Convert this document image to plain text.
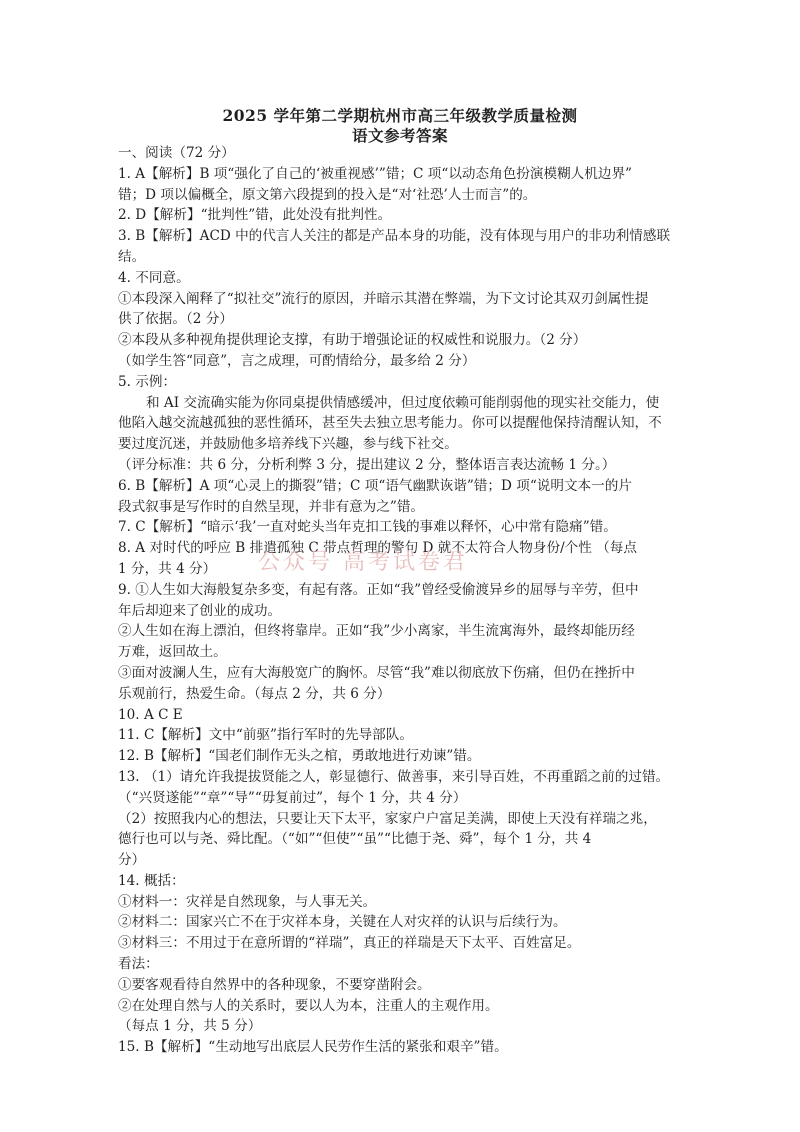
2025 学年第二学期杭州市高三年级教学质量检测
语文参考答案
一、阅读（72 分）
1. A【解析】B 项“强化了自己的‘被重视感’”错；C 项“以动态角色扮演模糊人机边界”
错；D 项以偏概全，原文第六段提到的投入是“对‘社恐’人士而言”的。
2. D【解析】“批判性”错，此处没有批判性。
3. B【解析】ACD 中的代言人关注的都是产品本身的功能，没有体现与用户的非功利情感联
结。
4. 不同意。
①本段深入阐释了“拟社交”流行的原因，并暗示其潜在弊端，为下文讨论其双刃剑属性提
供了依据。（2 分）
②本段从多种视角提供理论支撑，有助于增强论证的权威性和说服力。（2 分）
（如学生答“同意”，言之成理，可酌情给分，最多给 2 分）
5. 示例：
和 AI 交流确实能为你同桌提供情感缓冲，但过度依赖可能削弱他的现实社交能力，使
他陷入越交流越孤独的恶性循环，甚至失去独立思考能力。你可以提醒他保持清醒认知，不
要过度沉迷，并鼓励他多培养线下兴趣，参与线下社交。
（评分标准：共 6 分，分析利弊 3 分，提出建议 2 分，整体语言表达流畅 1 分。）
6. B【解析】A 项“心灵上的撕裂”错；C 项“语气幽默诙谐”错；D 项“说明文本一的片
段式叙事是写作时的自然呈现，并非有意为之”错。
7. C【解析】“暗示‘我’一直对蛇头当年克扣工钱的事难以释怀，心中常有隐痛”错。
8. A 对时代的呼应 B 排遣孤独 C 带点哲理的警句 D 就不太符合人物身份/个性 （每点
1 分，共 4 分）
9. ①人生如大海般复杂多变，有起有落。正如“我”曾经受偷渡异乡的屈辱与辛劳，但中
年后却迎来了创业的成功。
②人生如在海上漂泊，但终将靠岸。正如“我”少小离家，半生流寓海外，最终却能历经
万难，返回故土。
③面对波澜人生，应有大海般宽广的胸怀。尽管“我”难以彻底放下伤痛，但仍在挫折中
乐观前行，热爱生命。（每点 2 分，共 6 分）
10. A C E
11. C【解析】文中“前驱”指行军时的先导部队。
12. B【解析】“国老们制作无头之棺，勇敢地进行劝谏”错。
13. （1）请允许我提拔贤能之人，彰显德行、做善事，来引导百姓，不再重蹈之前的过错。
（“兴贤遂能”“章”“导”“毋复前过”，每个 1 分，共 4 分）
（2）按照我内心的想法，只要让天下太平，家家户户富足美满，即使上天没有祥瑞之兆，
德行也可以与尧、舜比配。（“如”“但使”“虽”“比德于尧、舜”，每个 1 分，共 4
分）
14. 概括：
①材料一：灾祥是自然现象，与人事无关。
②材料二：国家兴亡不在于灾祥本身，关键在人对灾祥的认识与后续行为。
③材料三：不用过于在意所谓的“祥瑞”，真正的祥瑞是天下太平、百姓富足。
看法：
①要客观看待自然界中的各种现象，不要穿凿附会。
②在处理自然与人的关系时，要以人为本，注重人的主观作用。
（每点 1 分，共 5 分）
15. B【解析】“生动地写出底层人民劳作生活的紧张和艰辛”错。
公众号 高考试卷君
